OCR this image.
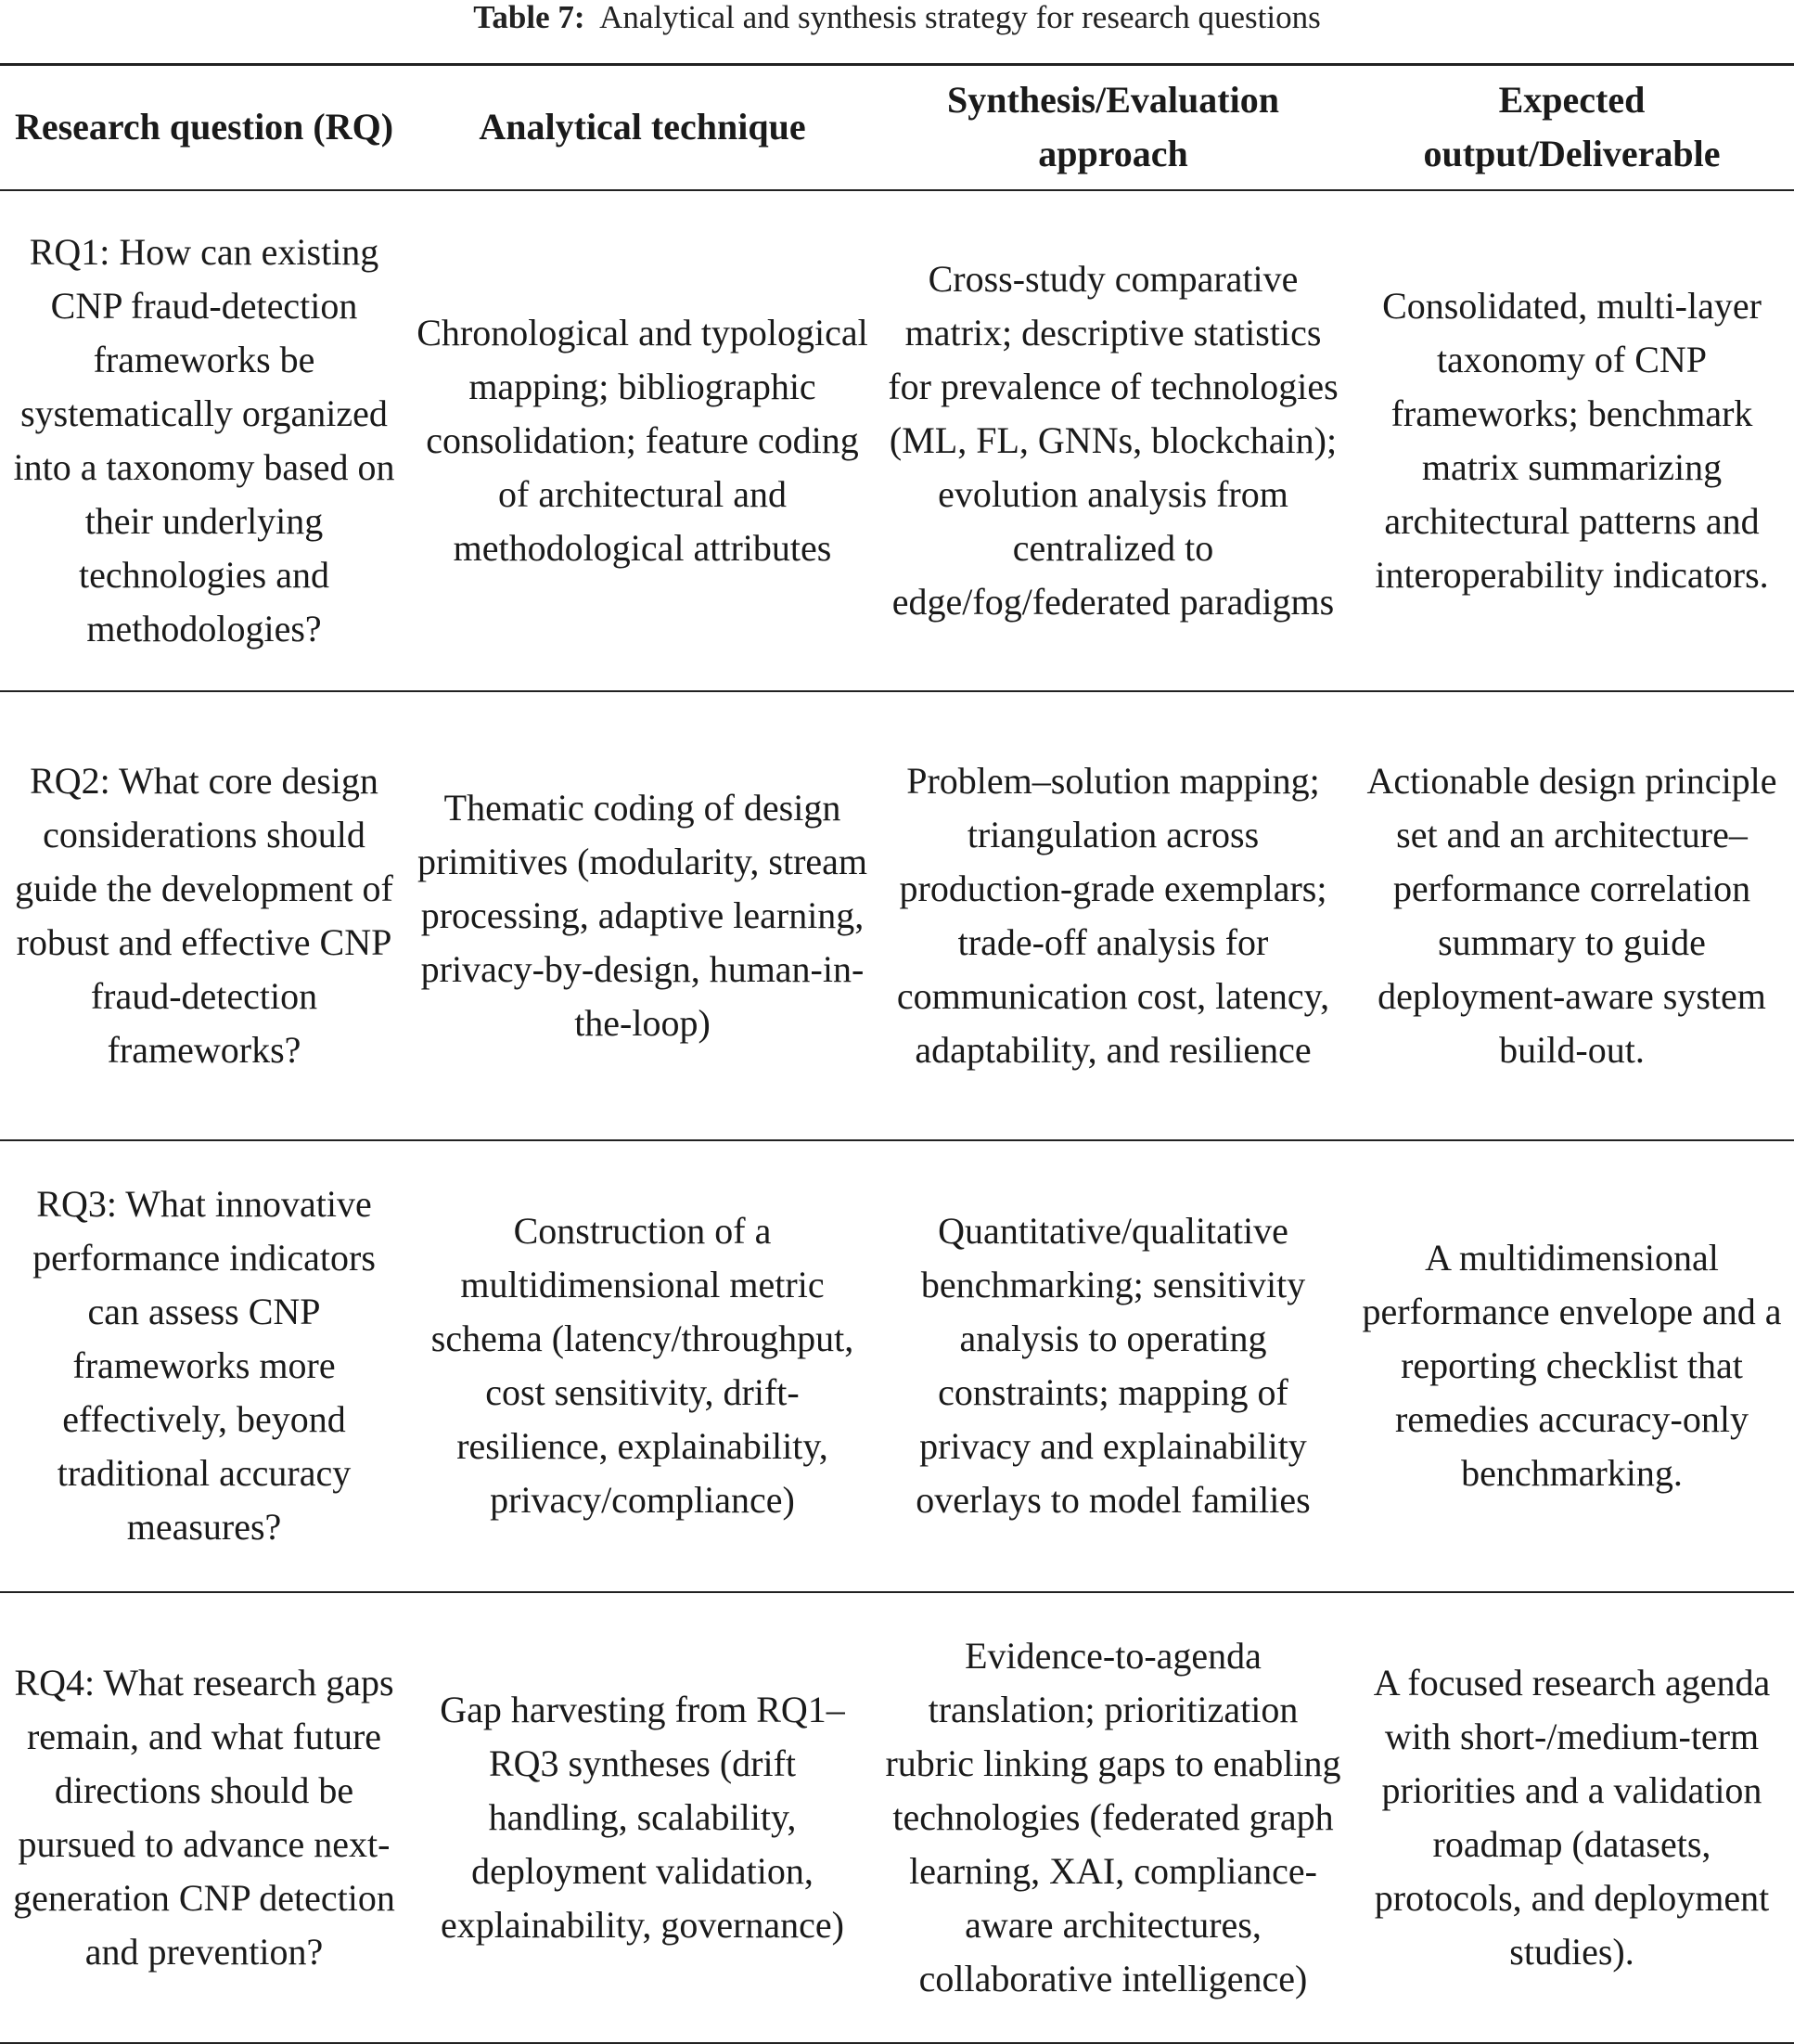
Table 7: Analytical and synthesis strategy for research questions
Research question (RQ)	Analytical technique	Synthesis/Evaluation approach	Expected output/Deliverable
RQ1: How can existing CNP fraud-detection frameworks be systematically organized into a taxonomy based on their underlying technologies and methodologies?	Chronological and typological mapping; bibliographic consolidation; feature coding of architectural and methodological attributes	Cross-study comparative matrix; descriptive statistics for prevalence of technologies (ML, FL, GNNs, blockchain); evolution analysis from centralized to edge/fog/federated paradigms	Consolidated, multi-layer taxonomy of CNP frameworks; benchmark matrix summarizing architectural patterns and interoperability indicators.
RQ2: What core design considerations should guide the development of robust and effective CNP fraud-detection frameworks?	Thematic coding of design primitives (modularity, stream processing, adaptive learning, privacy-by-design, human-in-the-loop)	Problem–solution mapping; triangulation across production-grade exemplars; trade-off analysis for communication cost, latency, adaptability, and resilience	Actionable design principle set and an architecture–performance correlation summary to guide deployment-aware system build-out.
RQ3: What innovative performance indicators can assess CNP frameworks more effectively, beyond traditional accuracy measures?	Construction of a multidimensional metric schema (latency/throughput, cost sensitivity, drift-resilience, explainability, privacy/compliance)	Quantitative/qualitative benchmarking; sensitivity analysis to operating constraints; mapping of privacy and explainability overlays to model families	A multidimensional performance envelope and a reporting checklist that remedies accuracy-only benchmarking.
RQ4: What research gaps remain, and what future directions should be pursued to advance next-generation CNP detection and prevention?	Gap harvesting from RQ1–RQ3 syntheses (drift handling, scalability, deployment validation, explainability, governance)	Evidence-to-agenda translation; prioritization rubric linking gaps to enabling technologies (federated graph learning, XAI, compliance-aware architectures, collaborative intelligence)	A focused research agenda with short-/medium-term priorities and a validation roadmap (datasets, protocols, and deployment studies).
